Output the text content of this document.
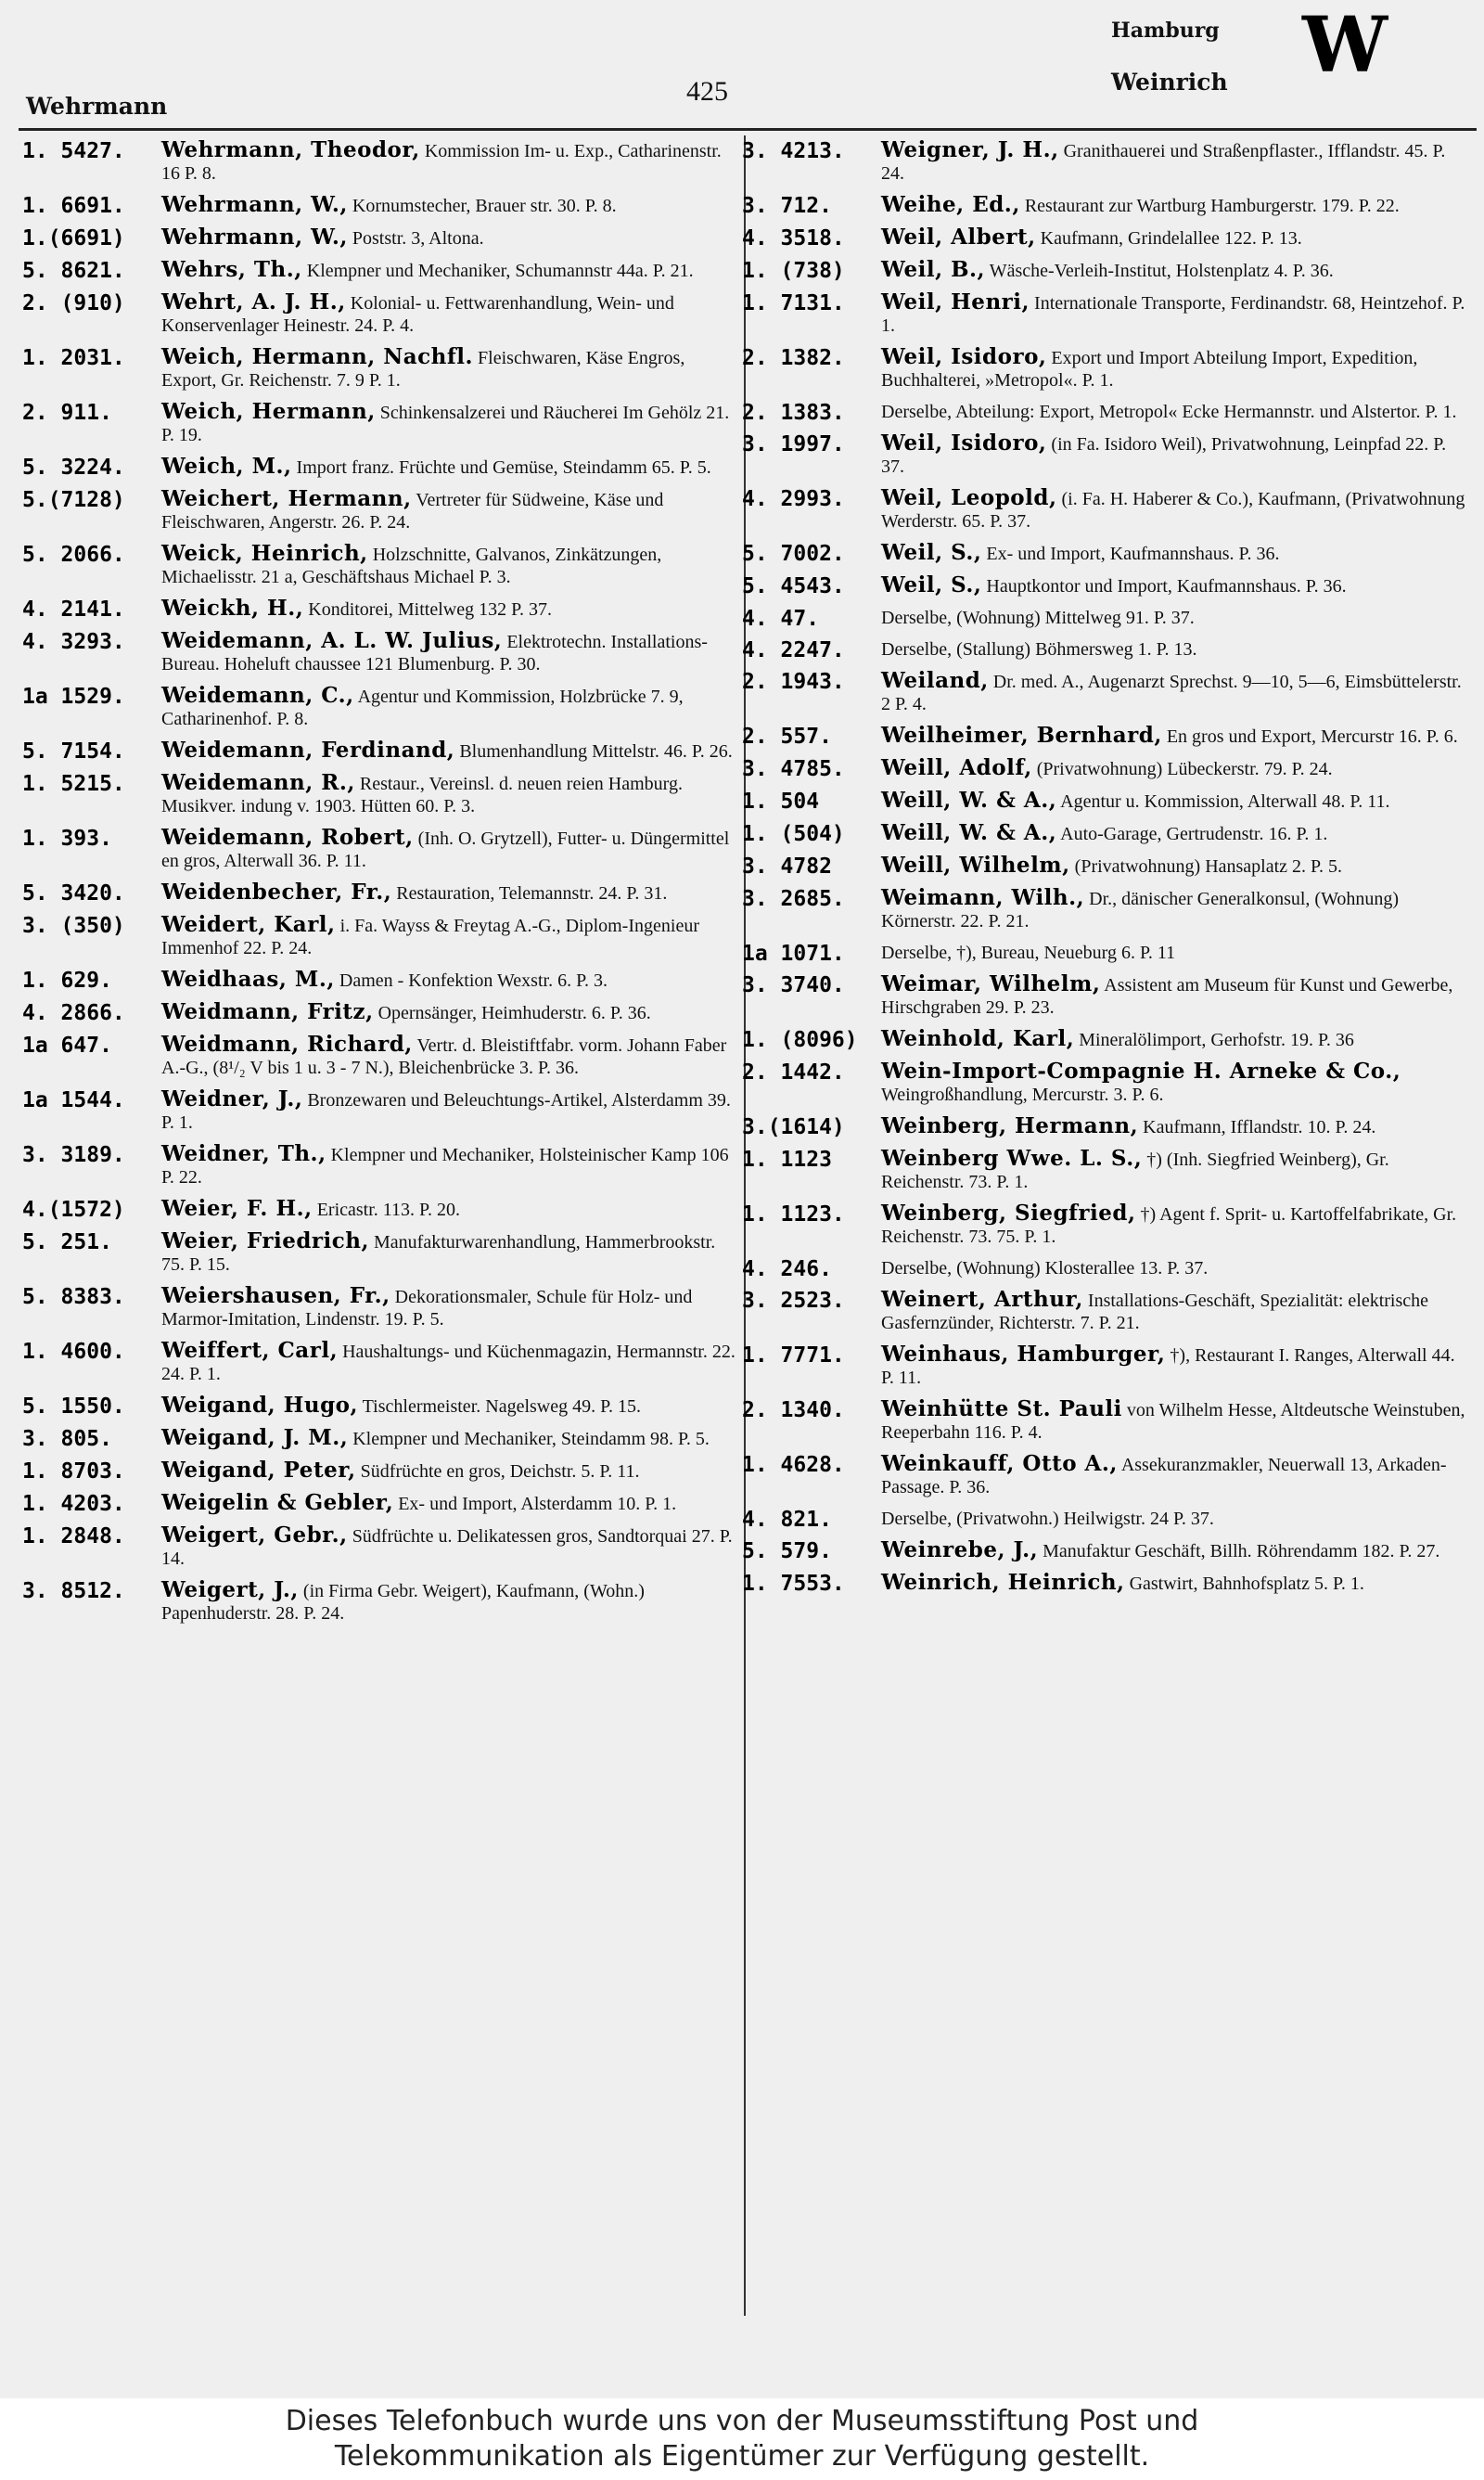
Wehrmann	425
Hamburg
Weinrich W
1. 5427.	Wehrmann, Theodor, Kommission Im- u. Exp., Catharinenstr. 16 P. 8.
1. 6691.	Wehrmann, W., Kornumstecher, Brauer str. 30. P. 8.
1.(6691)	Wehrmann, W., Poststr. 3, Altona.
5. 8621.	Wehrs, Th., Klempner und Mechaniker, Schumannstr 44a. P. 21.
2. (910)	Wehrt, A. J. H., Kolonial- u. Fettwarenhandlung, Wein- und Konservenlager Heinestr. 24. P. 4.
1. 2031.	Weich, Hermann, Nachfl. Fleischwaren, Käse Engros, Export, Gr. Reichenstr. 7. 9 P. 1.
2. 911.	Weich, Hermann, Schinkensalzerei und Räucherei Im Gehölz 21. P. 19.
5. 3224.	Weich, M., Import franz. Früchte und Gemüse, Steindamm 65. P. 5.
5.(7128)	Weichert, Hermann, Vertreter für Südweine, Käse und Fleischwaren, Angerstr. 26. P. 24.
5. 2066.	Weick, Heinrich, Holzschnitte, Galvanos, Zinkätzungen, Michaelisstr. 21 a, Geschäftshaus Michael P. 3.
4. 2141.	Weickh, H., Konditorei, Mittelweg 132 P. 37.
4. 3293.	Weidemann, A. L. W. Julius, Elektrotechn. Installations-Bureau. Hoheluft chaussee 121 Blumenburg. P. 30.
1a 1529.	Weidemann, C., Agentur und Kommission, Holzbrücke 7. 9, Catharinenhof. P. 8.
5. 7154.	Weidemann, Ferdinand, Blumenhandlung Mittelstr. 46. P. 26.
1. 5215.	Weidemann, R., Restaur., Vereinsl. d. neuen reien Hamburg. Musikver. indung v. 1903. Hütten 60. P. 3.
1. 393.	Weidemann, Robert, (Inh. O. Grytzell), Futter- u. Düngermittel en gros, Alterwall 36. P. 11.
5. 3420.	Weidenbecher, Fr., Restauration, Telemannstr. 24. P. 31.
3. (350)	Weidert, Karl, i. Fa. Wayss & Freytag A.-G., Diplom-Ingenieur Immenhof 22. P. 24.
1. 629.	Weidhaas, M., Damen - Konfektion Wexstr. 6. P. 3.
4. 2866.	Weidmann, Fritz, Opernsänger, Heimhuderstr. 6. P. 36.
1a 647.	Weidmann, Richard, Vertr. d. Bleistiftfabr. vorm. Johann Faber A.-G., (8¹/₂ V bis 1 u. 3 - 7 N.), Bleichenbrücke 3. P. 36.
1a 1544.	Weidner, J., Bronzewaren und Beleuchtungs-Artikel, Alsterdamm 39. P. 1.
3. 3189.	Weidner, Th., Klempner und Mechaniker, Holsteinischer Kamp 106 P. 22.
4.(1572)	Weier, F. H., Ericastr. 113. P. 20.
5. 251.	Weier, Friedrich, Manufakturwarenhandlung, Hammerbrookstr. 75. P. 15.
5. 8383.	Weiershausen, Fr., Dekorationsmaler, Schule für Holz- und Marmor-Imitation, Lindenstr. 19. P. 5.
1. 4600.	Weiffert, Carl, Haushaltungs- und Küchenmagazin, Hermannstr. 22. 24. P. 1.
5. 1550.	Weigand, Hugo, Tischlermeister. Nagelsweg 49. P. 15.
3. 805.	Weigand, J. M., Klempner und Mechaniker, Steindamm 98. P. 5.
1. 8703.	Weigand, Peter, Südfrüchte en gros, Deichstr. 5. P. 11.
1. 4203.	Weigelin & Gebler, Ex- und Import, Alsterdamm 10. P. 1.
1. 2848.	Weigert, Gebr., Südfrüchte u. Delikatessen gros, Sandtorquai 27. P. 14.
3. 8512.	Weigert, J., (in Firma Gebr. Weigert), Kaufmann, (Wohn.) Papenhuderstr. 28. P. 24.
3. 4213.	Weigner, J. H., Granithauerei und Straßenpflaster., Ifflandstr. 45. P. 24.
3. 712.	Weihe, Ed., Restaurant zur Wartburg Hamburgerstr. 179. P. 22.
4. 3518.	Weil, Albert, Kaufmann, Grindelallee 122. P. 13.
1. (738)	Weil, B., Wäsche-Verleih-Institut, Holstenplatz 4. P. 36.
1. 7131.	Weil, Henri, Internationale Transporte, Ferdinandstr. 68, Heintzehof. P. 1.
2. 1382.	Weil, Isidoro, Export und Import Abteilung Import, Expedition, Buchhalterei, »Metropol«. P. 1.
2. 1383.	Derselbe, Abteilung: Export, Metropol« Ecke Hermannstr. und Alstertor. P. 1.
3. 1997.	Weil, Isidoro, (in Fa. Isidoro Weil), Privatwohnung, Leinpfad 22. P. 37.
4. 2993.	Weil, Leopold, (i. Fa. H. Haberer & Co.), Kaufmann, (Privatwohnung Werderstr. 65. P. 37.
5. 7002.	Weil, S., Ex- und Import, Kaufmannshaus. P. 36.
5. 4543.	Weil, S., Hauptkontor und Import, Kaufmannshaus. P. 36.
4. 47.	Derselbe, (Wohnung) Mittelweg 91. P. 37.
4. 2247.	Derselbe, (Stallung) Böhmersweg 1. P. 13.
2. 1943.	Weiland, Dr. med. A., Augenarzt Sprechst. 9—10, 5—6, Eimsbüttelerstr. 2 P. 4.
2. 557.	Weilheimer, Bernhard, En gros und Export, Mercurstr 16. P. 6.
3. 4785.	Weill, Adolf, (Privatwohnung) Lübeckerstr. 79. P. 24.
1. 504	Weill, W. & A., Agentur u. Kommission, Alterwall 48. P. 11.
1. (504)	Weill, W. & A., Auto-Garage, Gertrudenstr. 16. P. 1.
3. 4782	Weill, Wilhelm, (Privatwohnung) Hansaplatz 2. P. 5.
3. 2685.	Weimann, Wilh., Dr., dänischer Generalkonsul, (Wohnung) Körnerstr. 22. P. 21.
1a 1071.	Derselbe, †), Bureau, Neueburg 6. P. 11
3. 3740.	Weimar, Wilhelm, Assistent am Museum für Kunst und Gewerbe, Hirschgraben 29. P. 23.
1. (8096)	Weinhold, Karl, Mineralölimport, Gerhofstr. 19. P. 36
2. 1442.	Wein-Import-Compagnie H. Arneke & Co., Weingroßhandlung, Mercurstr. 3. P. 6.
3.(1614)	Weinberg, Hermann, Kaufmann, Ifflandstr. 10. P. 24.
1. 1123	Weinberg Wwe. L. S., †) (Inh. Siegfried Weinberg), Gr. Reichenstr. 73. P. 1.
1. 1123.	Weinberg, Siegfried, †) Agent f. Sprit- u. Kartoffelfabrikate, Gr. Reichenstr. 73. 75. P. 1.
4. 246.	Derselbe, (Wohnung) Klosterallee 13. P. 37.
3. 2523.	Weinert, Arthur, Installations-Geschäft, Spezialität: elektrische Gasfernzünder, Richterstr. 7. P. 21.
1. 7771.	Weinhaus, Hamburger, †), Restaurant I. Ranges, Alterwall 44. P. 11.
2. 1340.	Weinhütte St. Pauli von Wilhelm Hesse, Altdeutsche Weinstuben, Reeperbahn 116. P. 4.
1. 4628.	Weinkauff, Otto A., Assekuranzmakler, Neuerwall 13, Arkaden-Passage. P. 36.
4. 821.	Derselbe, (Privatwohn.) Heilwigstr. 24 P. 37.
5. 579.	Weinrebe, J., Manufaktur Geschäft, Billh. Röhrendamm 182. P. 27.
1. 7553.	Weinrich, Heinrich, Gastwirt, Bahnhofsplatz 5. P. 1.

Dieses Telefonbuch wurde uns von der Museumsstiftung Post und

Telekommunikation als Eigentümer zur Verfügung gestellt.
